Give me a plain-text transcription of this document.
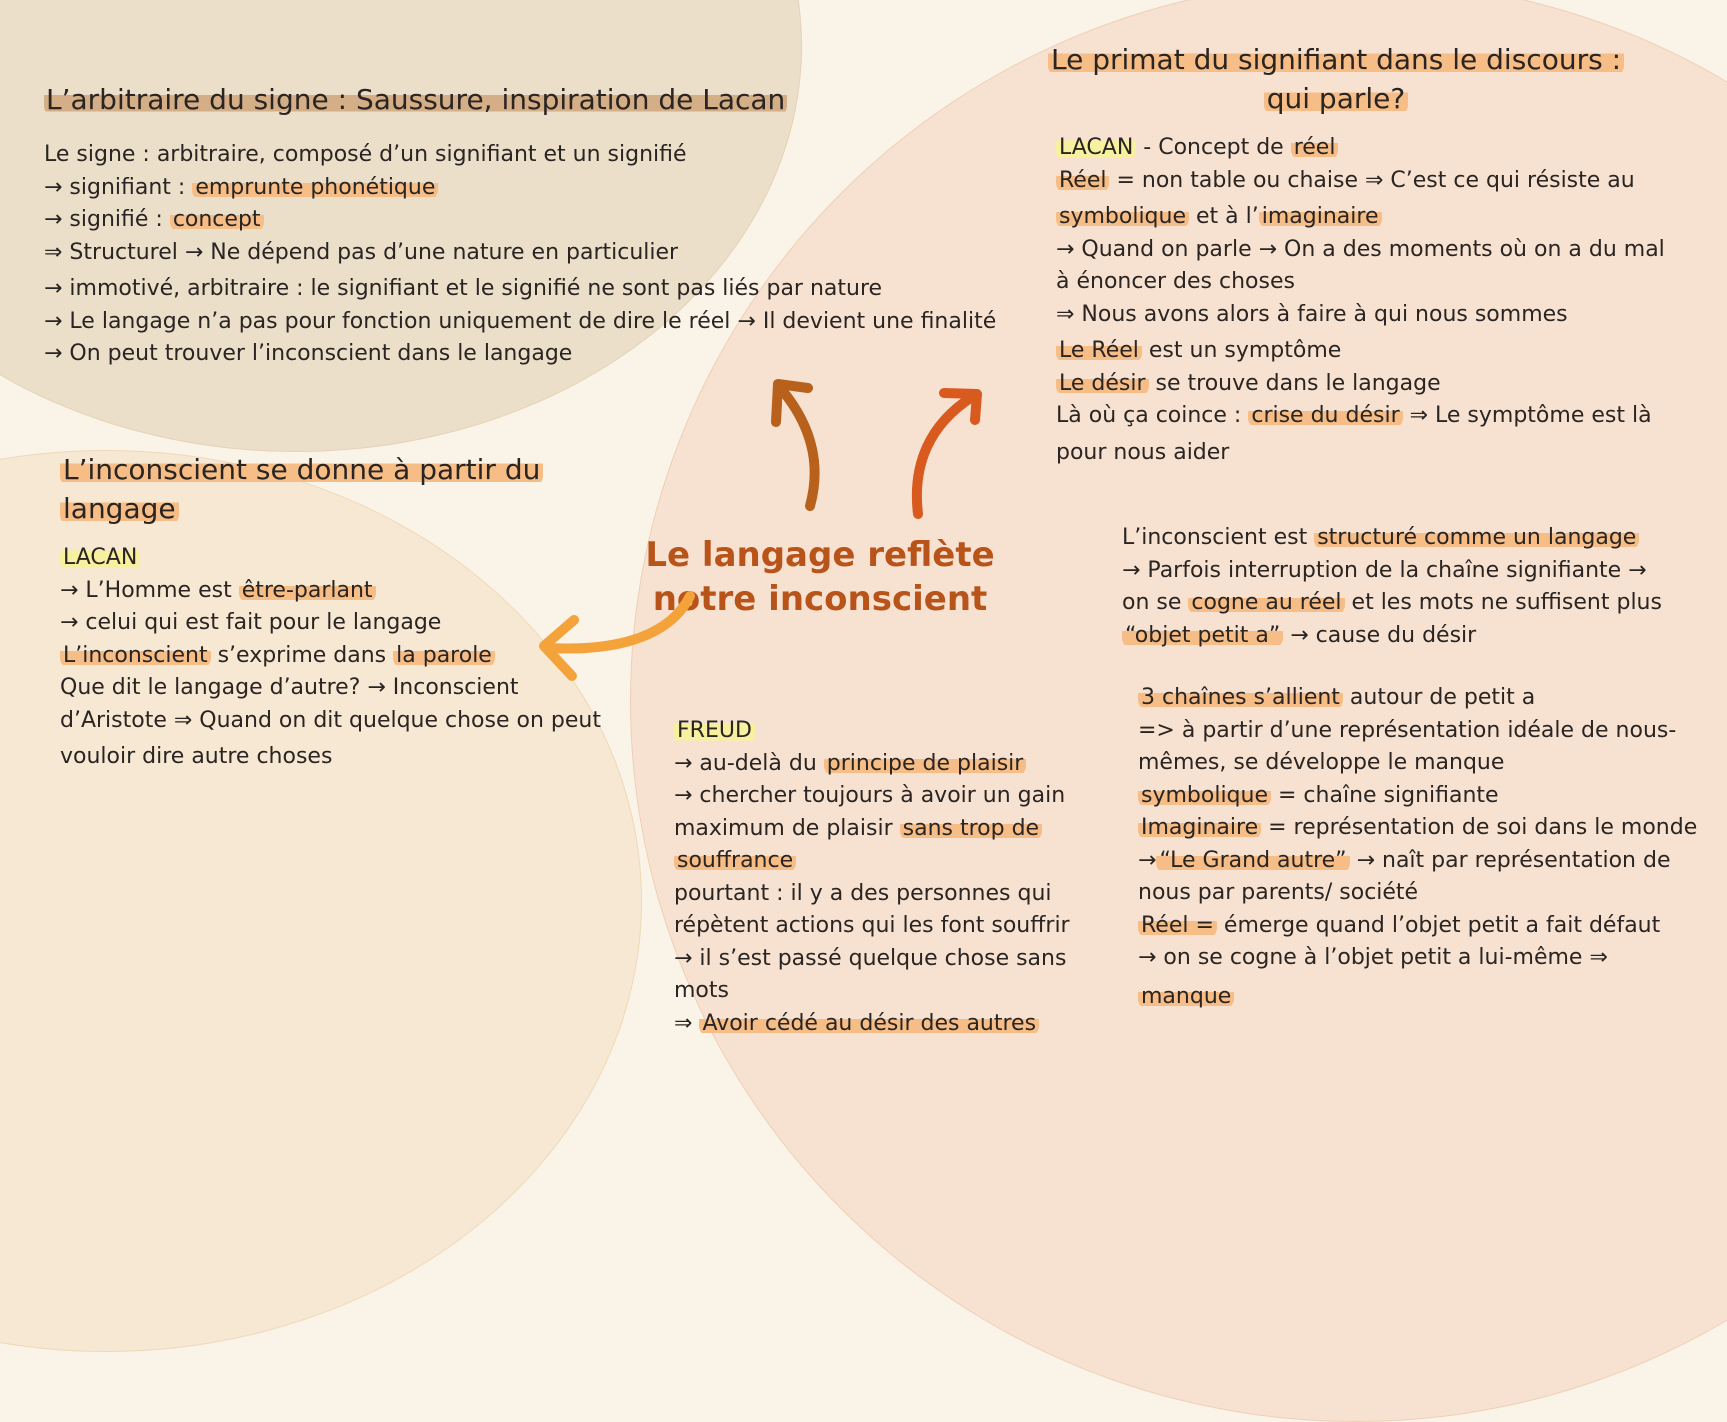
L’arbitraire du signe : Saussure, inspiration de Lacan

Le signe : arbitraire, composé d’un signifiant et un signifié

→ signifiant : emprunte phonétique

→ signifié : concept

⇒ Structurel → Ne dépend pas d’une nature en particulier

→ immotivé, arbitraire : le signifiant et le signifié ne sont pas liés par nature

→ Le langage n’a pas pour fonction uniquement de dire le réel → Il devient une finalité

→ On peut trouver l’inconscient dans le langage

L’inconscient se donne à partir du

langage

LACAN

→ L’Homme est être-parlant

→ celui qui est fait pour le langage

L’inconscient s’exprime dans la parole

Que dit le langage d’autre? → Inconscient

d’Aristote ⇒ Quand on dit quelque chose on peut

vouloir dire autre choses

Le langage reflète notre inconscient

FREUD

→ au-delà du principe de plaisir

→ chercher toujours à avoir un gain

maximum de plaisir sans trop de

souffrance

pourtant : il y a des personnes qui

répètent actions qui les font souffrir

→ il s’est passé quelque chose sans

mots

⇒ Avoir cédé au désir des autres

Le primat du signifiant dans le discours :

qui parle?

LACAN - Concept de réel

Réel = non table ou chaise ⇒ C’est ce qui résiste au

symbolique et à l’ imaginaire

→ Quand on parle → On a des moments où on a du mal

à énoncer des choses

⇒ Nous avons alors à faire à qui nous sommes

Le Réel est un symptôme

Le désir se trouve dans le langage

Là où ça coince : crise du désir ⇒ Le symptôme est là

pour nous aider

L’inconscient est structuré comme un langage

→ Parfois interruption de la chaîne signifiante →

on se cogne au réel et les mots ne suffisent plus

“objet petit a” → cause du désir

3 chaînes s’allient autour de petit a

=> à partir d’une représentation idéale de nous-

mêmes, se développe le manque

symbolique = chaîne signifiante

Imaginaire = représentation de soi dans le monde

→ “Le Grand autre” → naît par représentation de

nous par parents/ société

Réel = émerge quand l’objet petit a fait défaut

→ on se cogne à l’objet petit a lui-même ⇒

manque
